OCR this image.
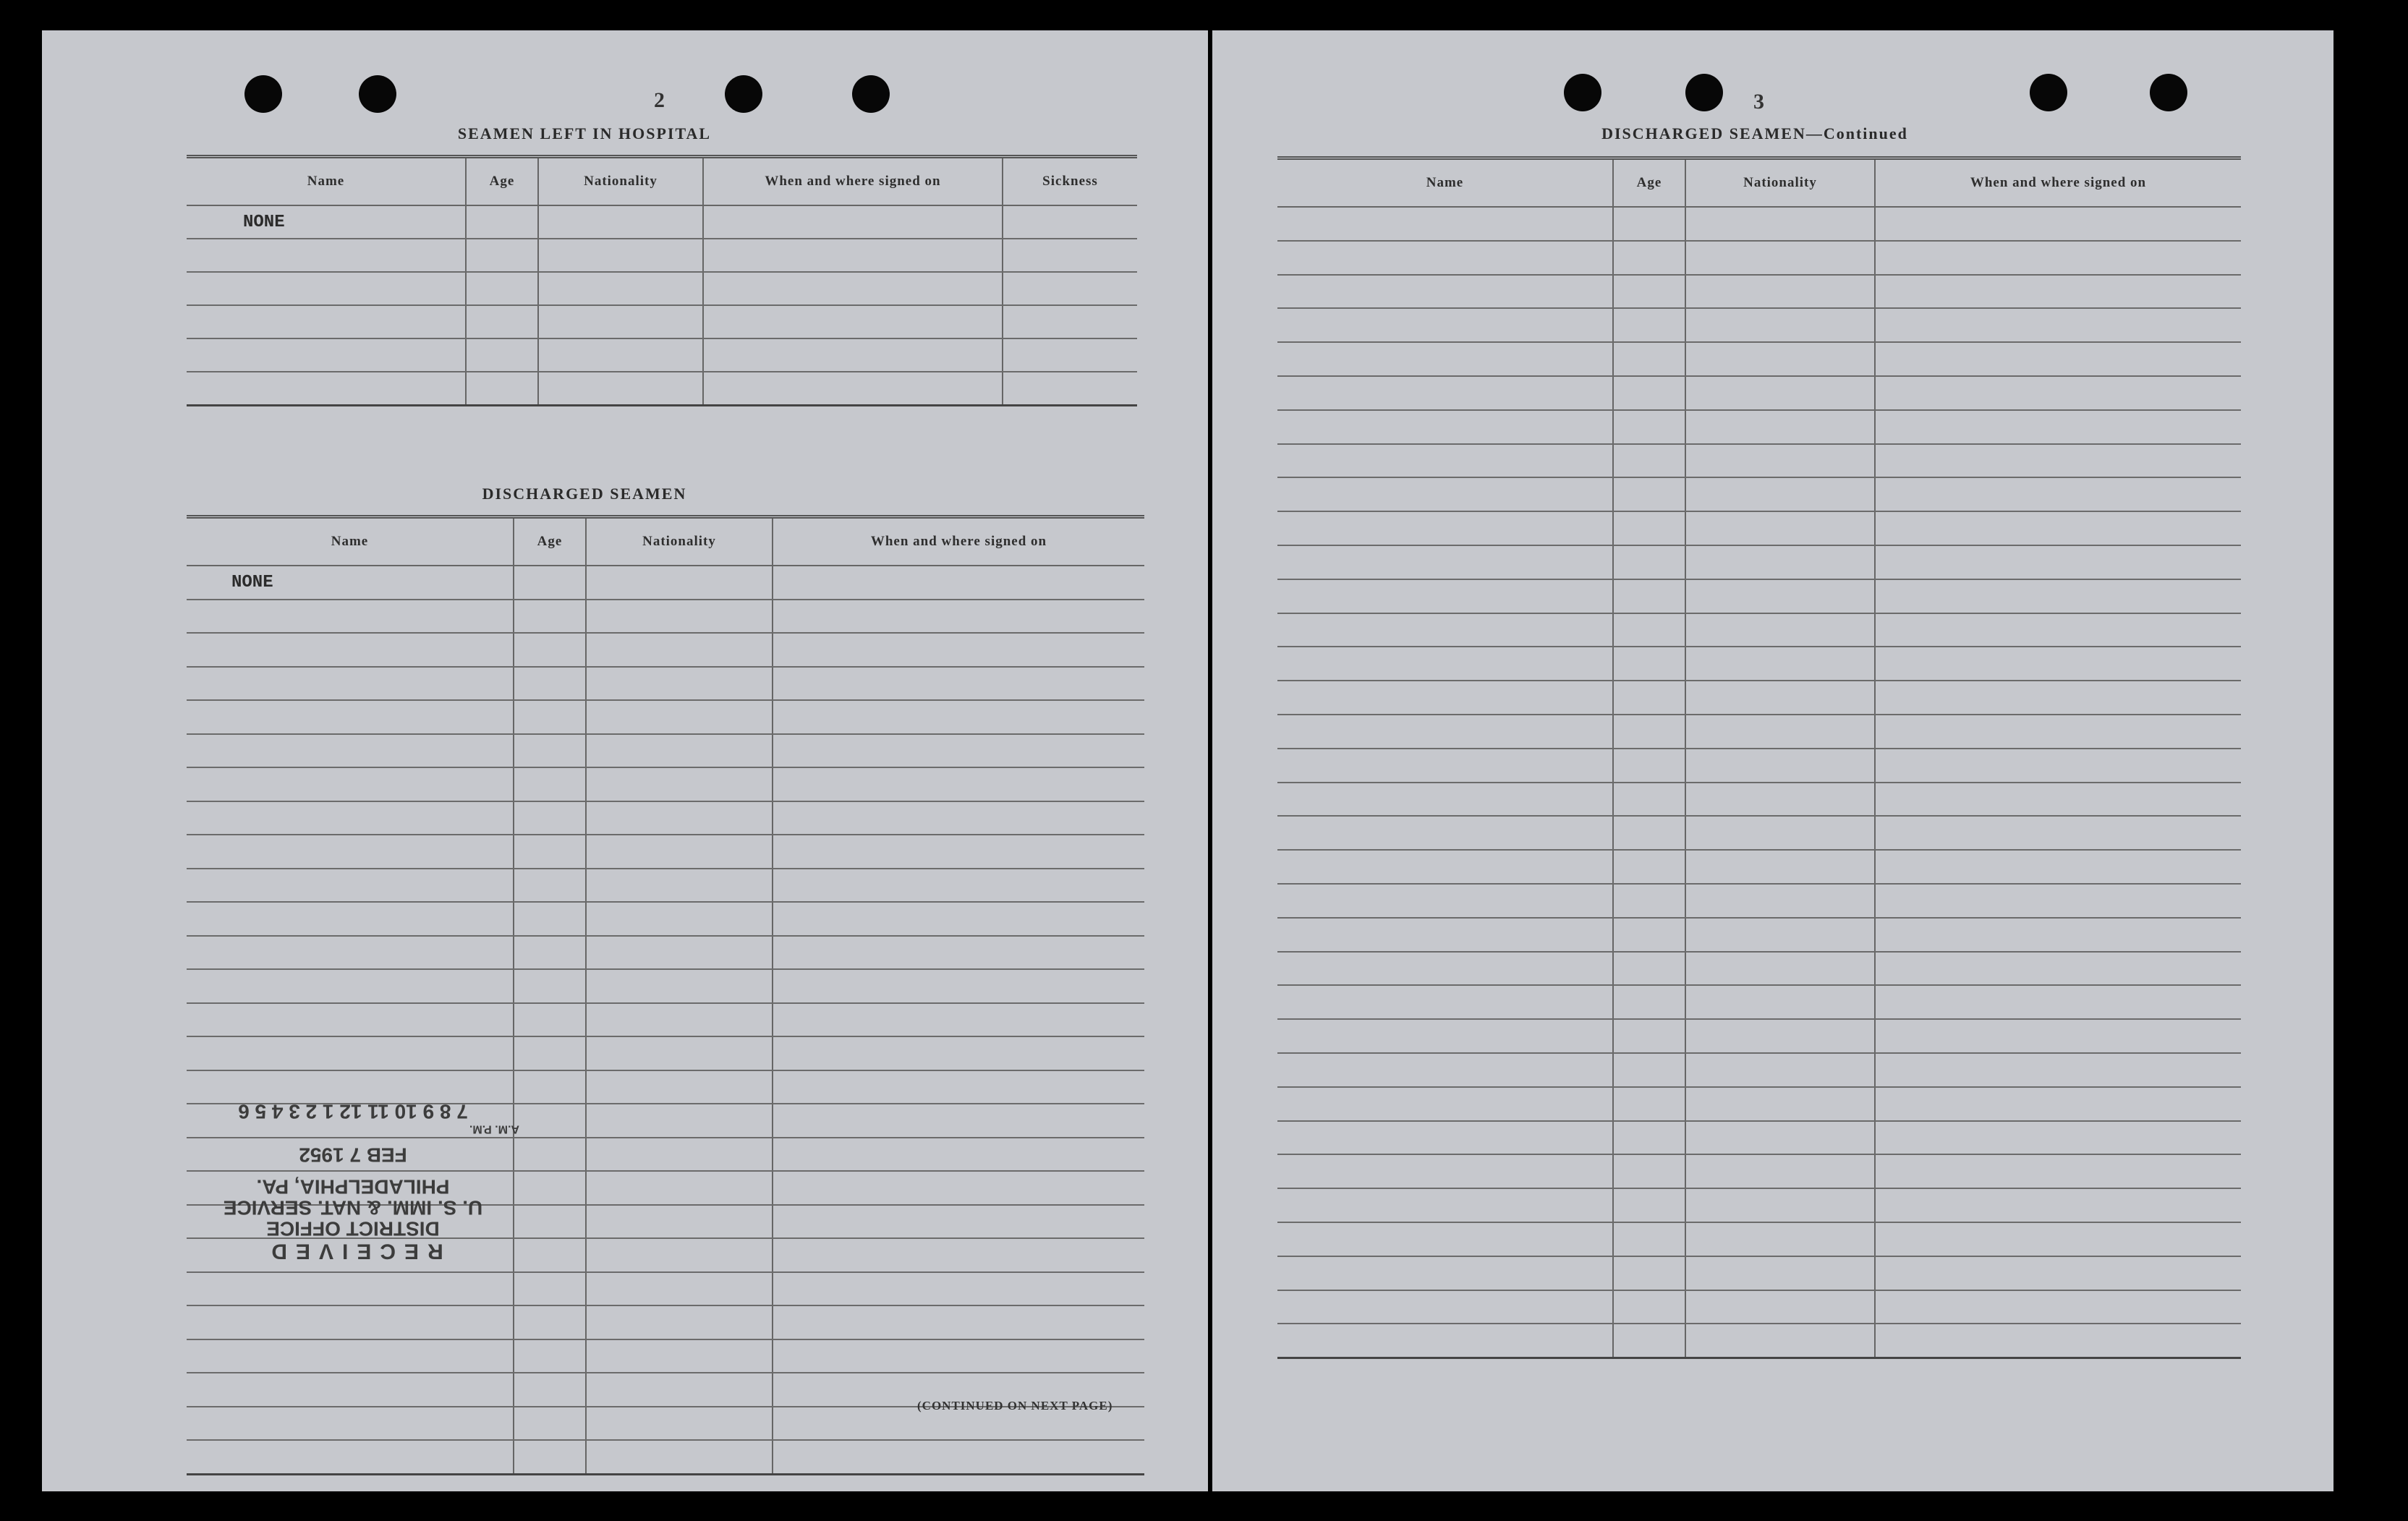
2
SEAMEN LEFT IN HOSPITAL
Name	Age	Nationality	When and where signed on	Sickness
NONE				

DISCHARGED SEAMEN
Name	Age	Nationality	When and where signed on
NONE			

(CONTINUED ON NEXT PAGE)
RECEIVED
DISTRICT OFFICE
U. S. IMM. & NAT. SERVICE
PHILADELPHIA, PA.
FEB 7 1952
A.M. P.M.
7 8 9 10 11 12 1 2 3 4 5 6
3
DISCHARGED SEAMEN—Continued
Name	Age	Nationality	When and where signed on
